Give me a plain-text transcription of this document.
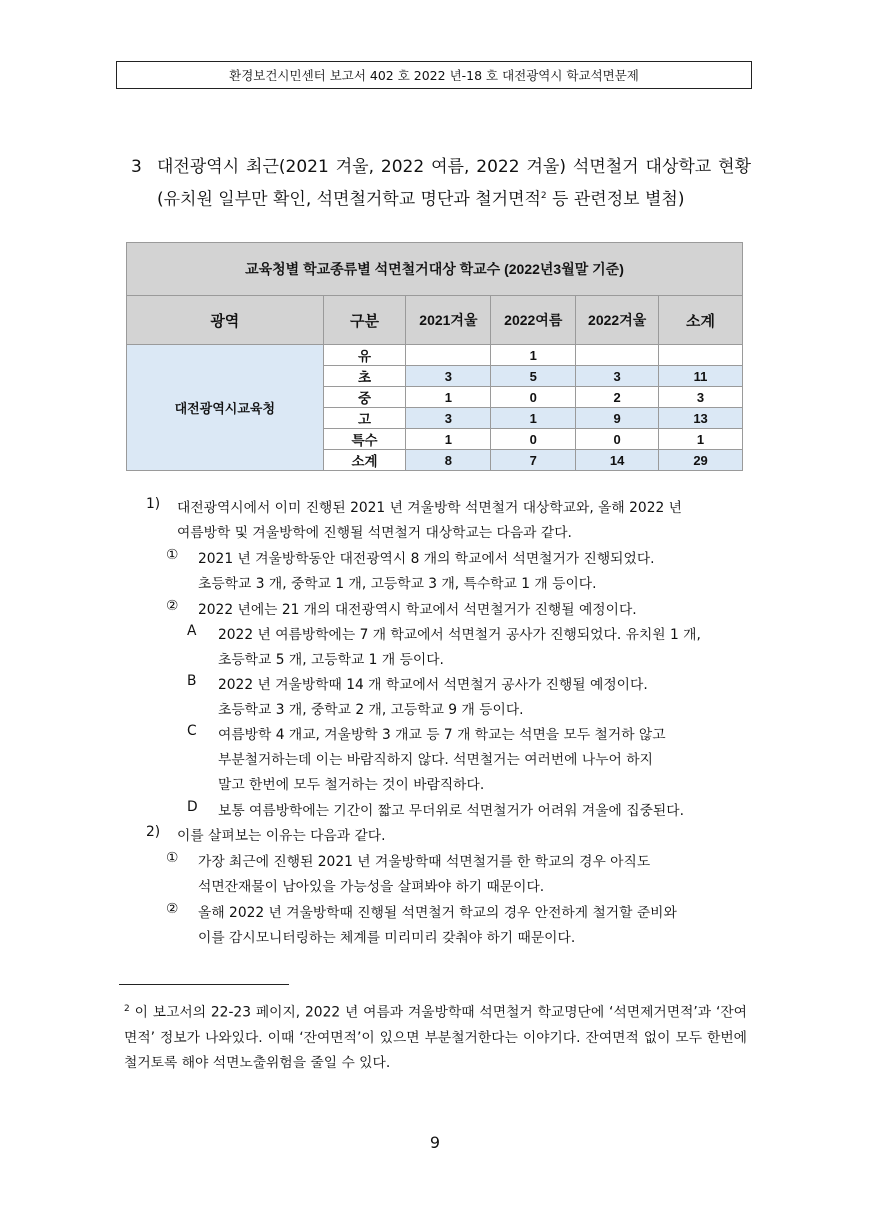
환경보건시민센터 보고서 402 호 2022 년-18 호 대전광역시 학교석면문제
3 대전광역시 최근(2021 겨울, 2022 여름, 2022 겨울) 석면철거 대상학교 현황 (유치원 일부만 확인, 석면철거학교 명단과 철거면적$^2$ 등 관련정보 별첨)
교육청별 학교종류별 석면철거대상 학교수 (2022년3월말 기준)					
광역	구분	2021겨울	2022여름	2022겨울	소계
대전광역시교육청	유		1		
	초	3	5	3	11
	중	1	0	2	3
	고	3	1	9	13
	특수	1	0	0	1
	소계	8	7	14	29
1) 대전광역시에서 이미 진행된 2021 년 겨울방학 석면철거 대상학교와, 올해 2022 년
여름방학 및 겨울방학에 진행될 석면철거 대상학교는 다음과 같다.
① 2021 년 겨울방학동안 대전광역시 8 개의 학교에서 석면철거가 진행되었다.
초등학교 3 개, 중학교 1 개, 고등학교 3 개, 특수학교 1 개 등이다.
② 2022 년에는 21 개의 대전광역시 학교에서 석면철거가 진행될 예정이다.
A 2022 년 여름방학에는 7 개 학교에서 석면철거 공사가 진행되었다. 유치원 1 개,
초등학교 5 개, 고등학교 1 개 등이다.
B 2022 년 겨울방학때 14 개 학교에서 석면철거 공사가 진행될 예정이다.
초등학교 3 개, 중학교 2 개, 고등학교 9 개 등이다.
C 여름방학 4 개교, 겨울방학 3 개교 등 7 개 학교는 석면을 모두 철거하 않고
부분철거하는데 이는 바람직하지 않다. 석면철거는 여러번에 나누어 하지
말고 한번에 모두 철거하는 것이 바람직하다.
D 보통 여름방학에는 기간이 짧고 무더위로 석면철거가 어려워 겨울에 집중된다.
2) 이를 살펴보는 이유는 다음과 같다.
① 가장 최근에 진행된 2021 년 겨울방학때 석면철거를 한 학교의 경우 아직도
석면잔재물이 남아있을 가능성을 살펴봐야 하기 때문이다.
② 올해 2022 년 겨울방학때 진행될 석면철거 학교의 경우 안전하게 철거할 준비와
이를 감시모니터링하는 체계를 미리미리 갖춰야 하기 때문이다.
$^2$ 이 보고서의 22-23 페이지, 2022 년 여름과 겨울방학때 석면철거 학교명단에 ‘석면제거면적’과 ‘잔여면적’ 정보가 나와있다. 이때 ‘잔여면적’이 있으면 부분철거한다는 이야기다. 잔여면적 없이 모두 한번에 철거토록 해야 석면노출위험을 줄일 수 있다.
9
